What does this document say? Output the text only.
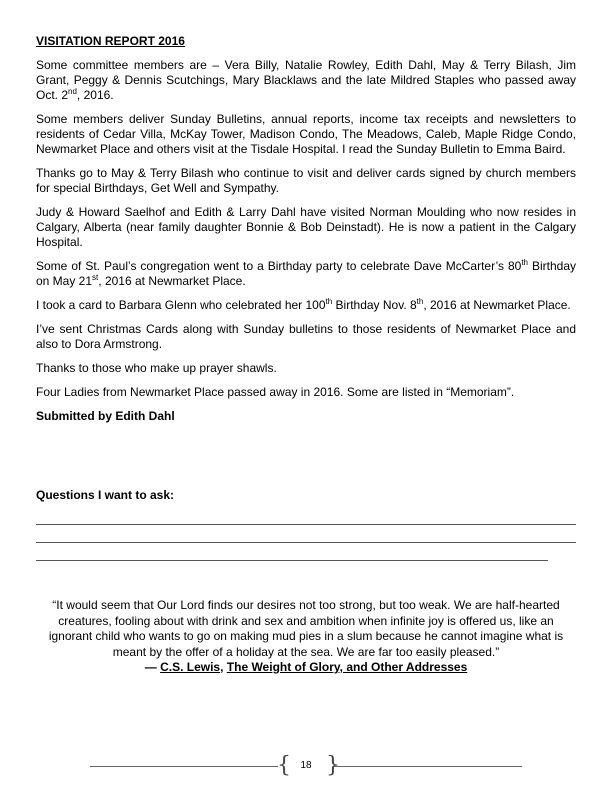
VISITATION REPORT 2016

Some committee members are – Vera Billy, Natalie Rowley, Edith Dahl, May & Terry Bilash, Jim Grant, Peggy & Dennis Scutchings, Mary Blacklaws and the late Mildred Staples who passed away Oct. 2nd, 2016.

Some members deliver Sunday Bulletins, annual reports, income tax receipts and newsletters to residents of Cedar Villa, McKay Tower, Madison Condo, The Meadows, Caleb, Maple Ridge Condo, Newmarket Place and others visit at the Tisdale Hospital. I read the Sunday Bulletin to Emma Baird.

Thanks go to May & Terry Bilash who continue to visit and deliver cards signed by church members for special Birthdays, Get Well and Sympathy.

Judy & Howard Saelhof and Edith & Larry Dahl have visited Norman Moulding who now resides in Calgary, Alberta (near family daughter Bonnie & Bob Deinstadt). He is now a patient in the Calgary Hospital.

Some of St. Paul’s congregation went to a Birthday party to celebrate Dave McCarter’s 80th Birthday on May 21st, 2016 at Newmarket Place.

I took a card to Barbara Glenn who celebrated her 100th Birthday Nov. 8th, 2016 at Newmarket Place.

I’ve sent Christmas Cards along with Sunday bulletins to those residents of Newmarket Place and also to Dora Armstrong.

Thanks to those who make up prayer shawls.

Four Ladies from Newmarket Place passed away in 2016. Some are listed in “Memoriam”.

Submitted by Edith Dahl

Questions I want to ask:
“It would seem that Our Lord finds our desires not too strong, but too weak. We are half-hearted creatures, fooling about with drink and sex and ambition when infinite joy is offered us, like an ignorant child who wants to go on making mud pies in a slum because he cannot imagine what is meant by the offer of a holiday at the sea. We are far too easily pleased.”
— C.S. Lewis, The Weight of Glory, and Other Addresses
{ 18 }
